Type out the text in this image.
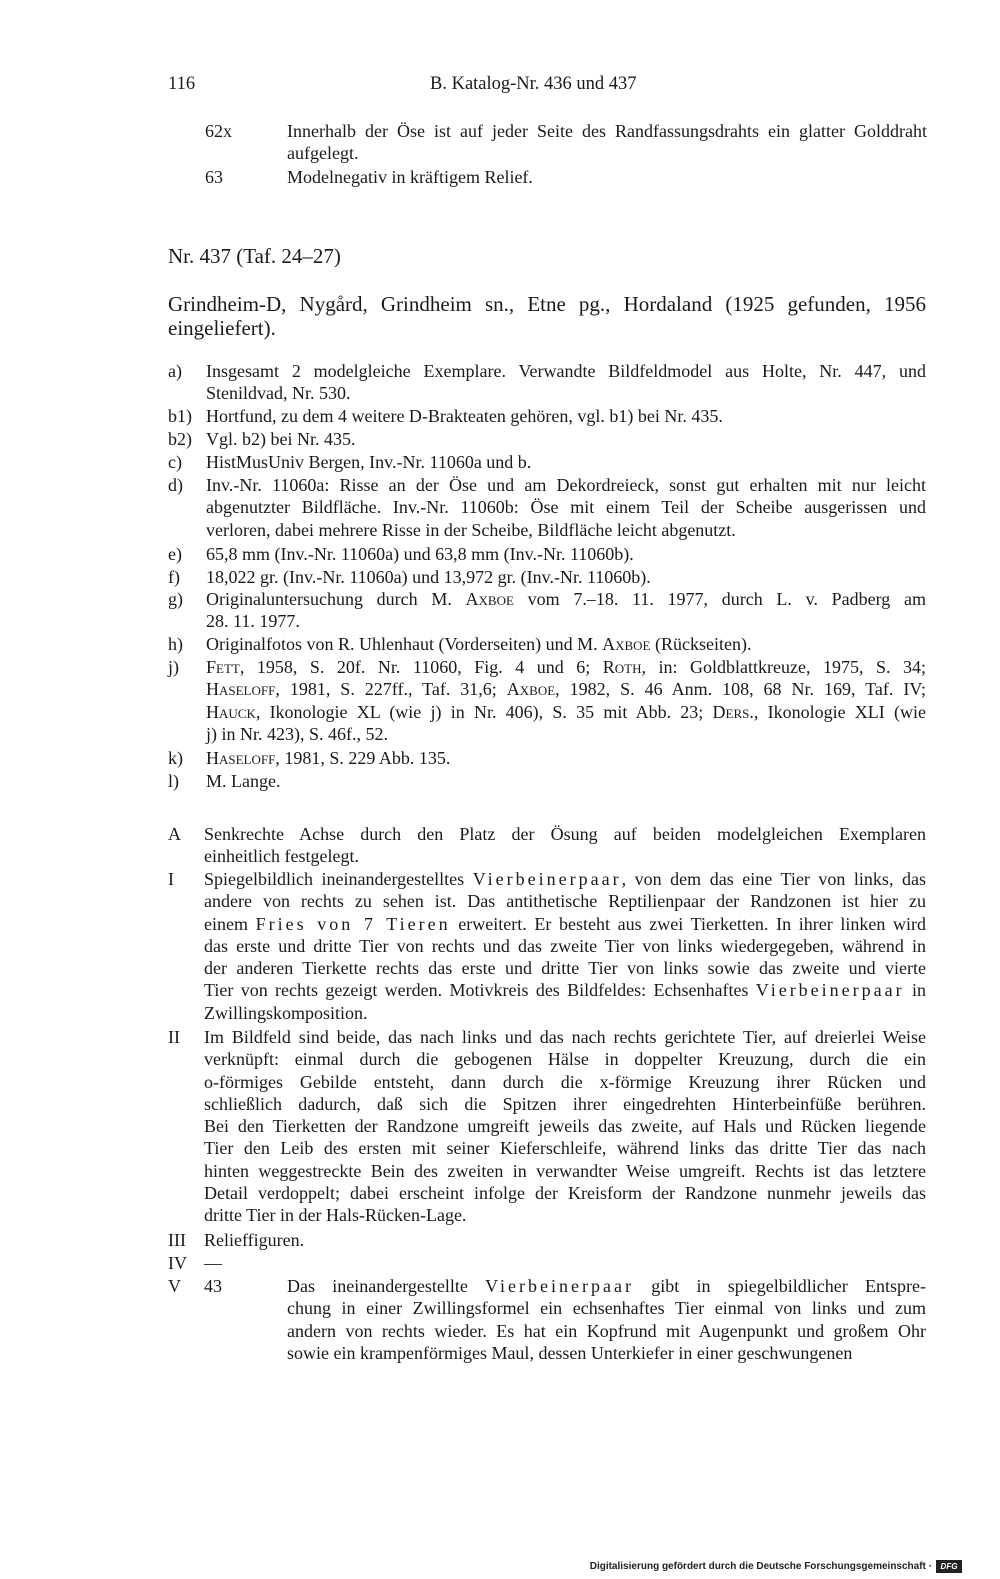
116	B. Katalog-Nr. 436 und 437
62x	Innerhalb der Öse ist auf jeder Seite des Randfassungsdrahts ein glatter Golddraht
aufgelegt.
63	Modelnegativ in kräftigem Relief.
Nr. 437 (Taf. 24–27)
Grindheim-D, Nygård, Grindheim sn., Etne pg., Hordaland (1925 gefunden, 1956
eingeliefert).
a) Insgesamt 2 modelgleiche Exemplare. Verwandte Bildfeldmodel aus Holte, Nr. 447, und
Stenildvad, Nr. 530.
b1) Hortfund, zu dem 4 weitere D-Brakteaten gehören, vgl. b1) bei Nr. 435.
b2) Vgl. b2) bei Nr. 435.
c) HistMusUniv Bergen, Inv.-Nr. 11060a und b.
d) Inv.-Nr. 11060a: Risse an der Öse und am Dekordreieck, sonst gut erhalten mit nur leicht
abgenutzter Bildfläche. Inv.-Nr. 11060b: Öse mit einem Teil der Scheibe ausgerissen und
verloren, dabei mehrere Risse in der Scheibe, Bildfläche leicht abgenutzt.
e) 65,8 mm (Inv.-Nr. 11060a) und 63,8 mm (Inv.-Nr. 11060b).
f) 18,022 gr. (Inv.-Nr. 11060a) und 13,972 gr. (Inv.-Nr. 11060b).
g) Originaluntersuchung durch M. Axboe vom 7.–18. 11. 1977, durch L. v. Padberg am
28. 11. 1977.
h) Originalfotos von R. Uhlenhaut (Vorderseiten) und M. Axboe (Rückseiten).
j) Fett, 1958, S. 20f. Nr. 11060, Fig. 4 und 6; Roth, in: Goldblattkreuze, 1975, S. 34;
Haseloff, 1981, S. 227ff., Taf. 31,6; Axboe, 1982, S. 46 Anm. 108, 68 Nr. 169, Taf. IV;
Hauck, Ikonologie XL (wie j) in Nr. 406), S. 35 mit Abb. 23; Ders., Ikonologie XLI (wie
j) in Nr. 423), S. 46f., 52.
k) Haseloff, 1981, S. 229 Abb. 135.
l) M. Lange.
A Senkrechte Achse durch den Platz der Ösung auf beiden modelgleichen Exemplaren
einheitlich festgelegt.
I Spiegelbildlich ineinandergestelltes Vierbeinerpaar, von dem das eine Tier von links, das
andere von rechts zu sehen ist. Das antithetische Reptilienpaar der Randzonen ist hier zu
einem Fries von 7 Tieren erweitert. Er besteht aus zwei Tierketten. In ihrer linken wird
das erste und dritte Tier von rechts und das zweite Tier von links wiedergegeben, während in
der anderen Tierkette rechts das erste und dritte Tier von links sowie das zweite und vierte
Tier von rechts gezeigt werden. Motivkreis des Bildfeldes: Echsenhaftes Vierbeinerpaar in
Zwillingskomposition.
II Im Bildfeld sind beide, das nach links und das nach rechts gerichtete Tier, auf dreierlei Weise
verknüpft: einmal durch die gebogenen Hälse in doppelter Kreuzung, durch die ein
o-förmiges Gebilde entsteht, dann durch die x-förmige Kreuzung ihrer Rücken und
schließlich dadurch, daß sich die Spitzen ihrer eingedrehten Hinterbeinfüße berühren.
Bei den Tierketten der Randzone umgreift jeweils das zweite, auf Hals und Rücken liegende
Tier den Leib des ersten mit seiner Kieferschleife, während links das dritte Tier das nach
hinten weggestreckte Bein des zweiten in verwandter Weise umgreift. Rechts ist das letztere
Detail verdoppelt; dabei erscheint infolge der Kreisform der Randzone nunmehr jeweils das
dritte Tier in der Hals-Rücken-Lage.
III Relieffiguren.
IV —
V 43	Das ineinandergestellte Vierbeinerpaar gibt in spiegelbildlicher Entspre-
chung in einer Zwillingsformel ein echsenhaftes Tier einmal von links und zum
andern von rechts wieder. Es hat ein Kopfrund mit Augenpunkt und großem Ohr
sowie ein krampenförmiges Maul, dessen Unterkiefer in einer geschwungenen
Digitalisierung gefördert durch die Deutsche Forschungsgemeinschaft ·	DFG
